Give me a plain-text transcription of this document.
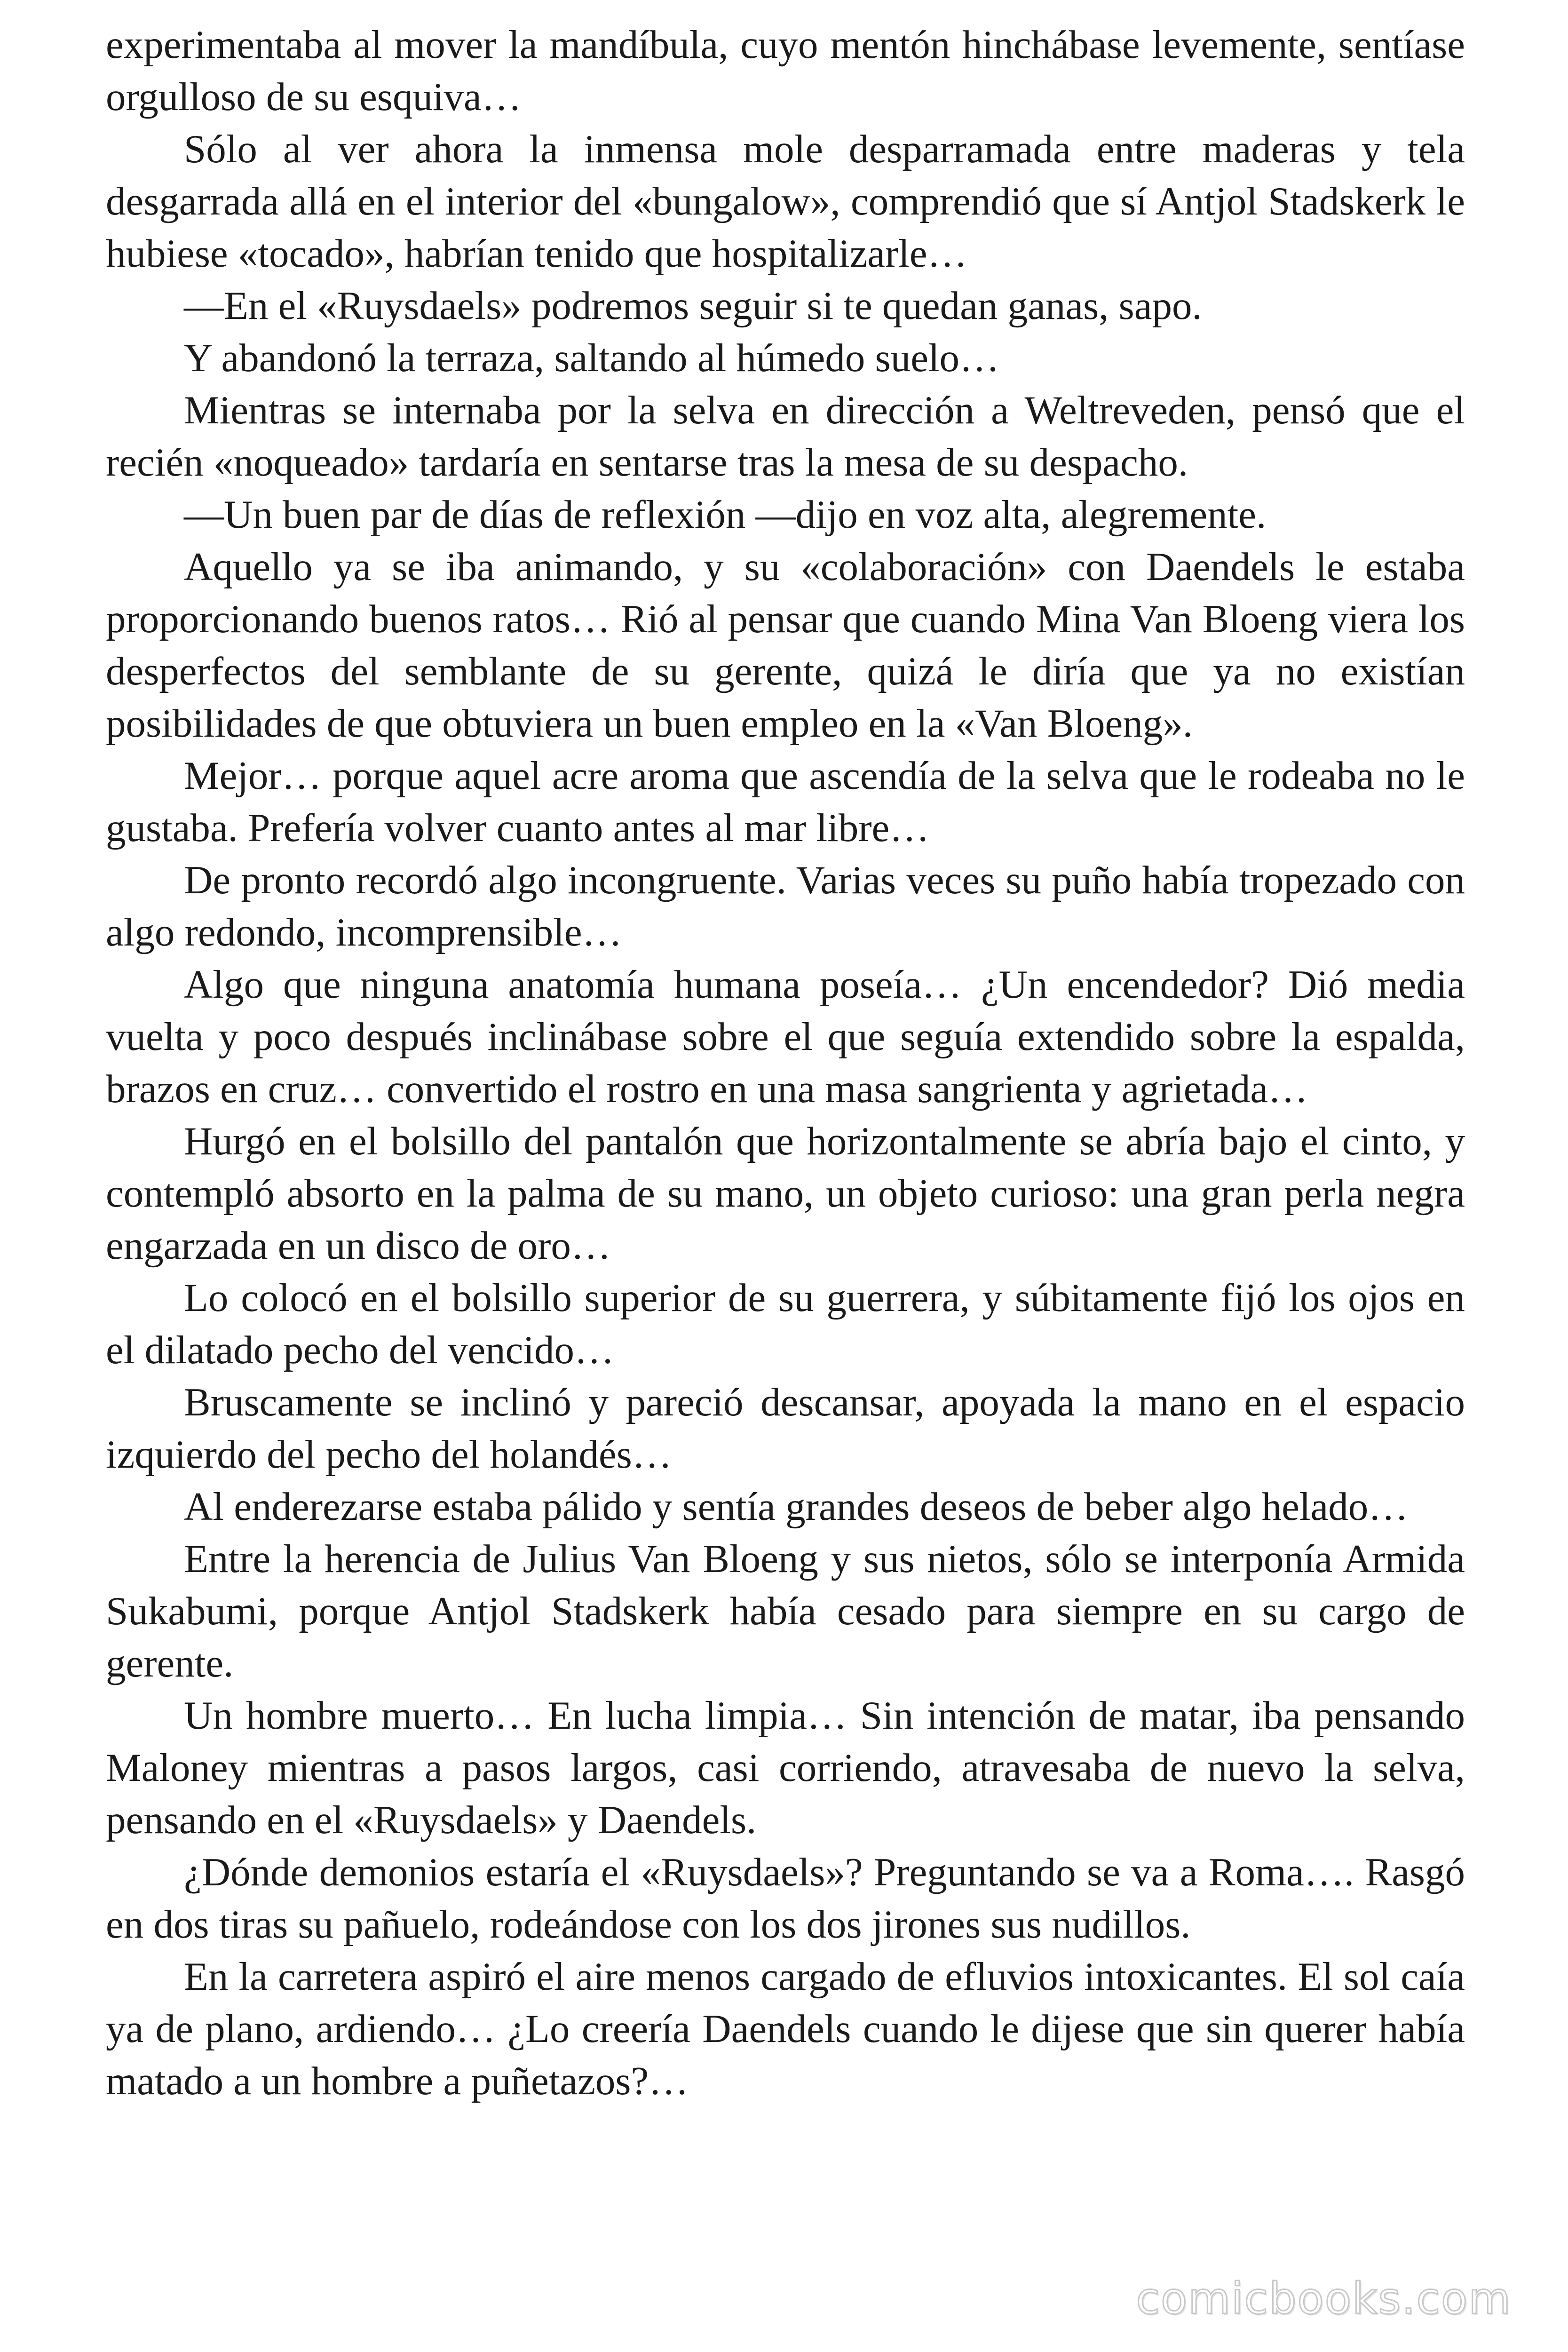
experimentaba al mover la mandíbula, cuyo mentón hinchábase levemente, sentíase orgulloso de su esquiva…

Sólo al ver ahora la inmensa mole desparramada entre maderas y tela desgarrada allá en el interior del «bungalow», comprendió que sí Antjol Stadskerk le hubiese «tocado», habrían tenido que hospitalizarle…

—En el «Ruysdaels» podremos seguir si te quedan ganas, sapo.

Y abandonó la terraza, saltando al húmedo suelo…

Mientras se internaba por la selva en dirección a Weltreveden, pensó que el recién «noqueado» tardaría en sentarse tras la mesa de su despacho.

—Un buen par de días de reflexión —dijo en voz alta, alegremente.

Aquello ya se iba animando, y su «colaboración» con Daendels le estaba proporcionando buenos ratos… Rió al pensar que cuando Mina Van Bloeng viera los desperfectos del semblante de su gerente, quizá le diría que ya no existían posibilidades de que obtuviera un buen empleo en la «Van Bloeng».

Mejor… porque aquel acre aroma que ascendía de la selva que le rodeaba no le gustaba. Prefería volver cuanto antes al mar libre…

De pronto recordó algo incongruente. Varias veces su puño había tropezado con algo redondo, incomprensible…

Algo que ninguna anatomía humana poseía… ¿Un encendedor? Dió media vuelta y poco después inclinábase sobre el que seguía extendido sobre la espalda, brazos en cruz… convertido el rostro en una masa sangrienta y agrietada…

Hurgó en el bolsillo del pantalón que horizontalmente se abría bajo el cinto, y contempló absorto en la palma de su mano, un objeto curioso: una gran perla negra engarzada en un disco de oro…

Lo colocó en el bolsillo superior de su guerrera, y súbitamente fijó los ojos en el dilatado pecho del vencido…

Bruscamente se inclinó y pareció descansar, apoyada la mano en el espacio izquierdo del pecho del holandés…

Al enderezarse estaba pálido y sentía grandes deseos de beber algo helado…

Entre la herencia de Julius Van Bloeng y sus nietos, sólo se interponía Armida Sukabumi, porque Antjol Stadskerk había cesado para siempre en su cargo de gerente.

Un hombre muerto… En lucha limpia… Sin intención de matar, iba pensando Maloney mientras a pasos largos, casi corriendo, atravesaba de nuevo la selva, pensando en el «Ruysdaels» y Daendels.

¿Dónde demonios estaría el «Ruysdaels»? Preguntando se va a Roma…. Rasgó en dos tiras su pañuelo, rodeándose con los dos jirones sus nudillos.

En la carretera aspiró el aire menos cargado de efluvios intoxicantes. El sol caía ya de plano, ardiendo… ¿Lo creería Daendels cuando le dijese que sin querer había matado a un hombre a puñetazos?…

comicbooks.com
